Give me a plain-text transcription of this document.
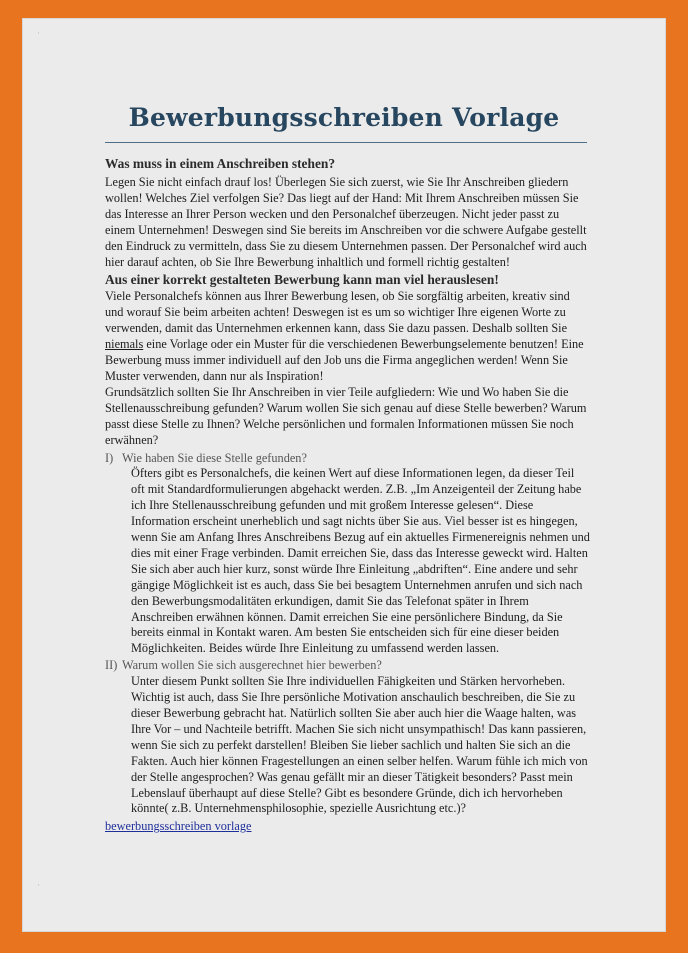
·
Bewerbungsschreiben Vorlage

Was muss in einem Anschreiben stehen?

Legen Sie nicht einfach drauf los! Überlegen Sie sich zuerst, wie Sie Ihr Anschreiben gliedern wollen! Welches Ziel verfolgen Sie? Das liegt auf der Hand: Mit Ihrem Anschreiben müssen Sie das Interesse an Ihrer Person wecken und den Personalchef überzeugen. Nicht jeder passt zu einem Unternehmen! Deswegen sind Sie bereits im Anschreiben vor die schwere Aufgabe gestellt den Eindruck zu vermitteln, dass Sie zu diesem Unternehmen passen. Der Personalchef wird auch hier darauf achten, ob Sie Ihre Bewerbung inhaltlich und formell richtig gestalten!

Aus einer korrekt gestalteten Bewerbung kann man viel herauslesen!

Viele Personalchefs können aus Ihrer Bewerbung lesen, ob Sie sorgfältig arbeiten, kreativ sind und worauf Sie beim arbeiten achten! Deswegen ist es um so wichtiger Ihre eigenen Worte zu verwenden, damit das Unternehmen erkennen kann, dass Sie dazu passen. Deshalb sollten Sie niemals eine Vorlage oder ein Muster für die verschiedenen Bewerbungselemente benutzen! Eine Bewerbung muss immer individuell auf den Job uns die Firma angeglichen werden! Wenn Sie Muster verwenden, dann nur als Inspiration!

Grundsätzlich sollten Sie Ihr Anschreiben in vier Teile aufgliedern: Wie und Wo haben Sie die Stellenausschreibung gefunden? Warum wollen Sie sich genau auf diese Stelle bewerben? Warum passt diese Stelle zu Ihnen? Welche persönlichen und formalen Informationen müssen Sie noch erwähnen?

I) Wie haben Sie diese Stelle gefunden?

Öfters gibt es Personalchefs, die keinen Wert auf diese Informationen legen, da dieser Teil oft mit Standardformulierungen abgehackt werden. Z.B. „Im Anzeigenteil der Zeitung habe ich Ihre Stellenausschreibung gefunden und mit großem Interesse gelesen“. Diese Information erscheint unerheblich und sagt nichts über Sie aus. Viel besser ist es hingegen, wenn Sie am Anfang Ihres Anschreibens Bezug auf ein aktuelles Firmenereignis nehmen und dies mit einer Frage verbinden. Damit erreichen Sie, dass das Interesse geweckt wird. Halten Sie sich aber auch hier kurz, sonst würde Ihre Einleitung „abdriften“. Eine andere und sehr gängige Möglichkeit ist es auch, dass Sie bei besagtem Unternehmen anrufen und sich nach den Bewerbungsmodalitäten erkundigen, damit Sie das Telefonat später in Ihrem Anschreiben erwähnen können. Damit erreichen Sie eine persönlichere Bindung, da Sie bereits einmal in Kontakt waren. Am besten Sie entscheiden sich für eine dieser beiden Möglichkeiten. Beides würde Ihre Einleitung zu umfassend werden lassen.

II) Warum wollen Sie sich ausgerechnet hier bewerben?

Unter diesem Punkt sollten Sie Ihre individuellen Fähigkeiten und Stärken hervorheben. Wichtig ist auch, dass Sie Ihre persönliche Motivation anschaulich beschreiben, die Sie zu dieser Bewerbung gebracht hat. Natürlich sollten Sie aber auch hier die Waage halten, was Ihre Vor – und Nachteile betrifft. Machen Sie sich nicht unsympathisch! Das kann passieren, wenn Sie sich zu perfekt darstellen! Bleiben Sie lieber sachlich und halten Sie sich an die Fakten. Auch hier können Fragestellungen an einen selber helfen. Warum fühle ich mich von der Stelle angesprochen? Was genau gefällt mir an dieser Tätigkeit besonders? Passt mein Lebenslauf überhaupt auf diese Stelle? Gibt es besondere Gründe, dich ich hervorheben könnte( z.B. Unternehmensphilosophie, spezielle Ausrichtung etc.)?

bewerbungsschreiben vorlage

·
